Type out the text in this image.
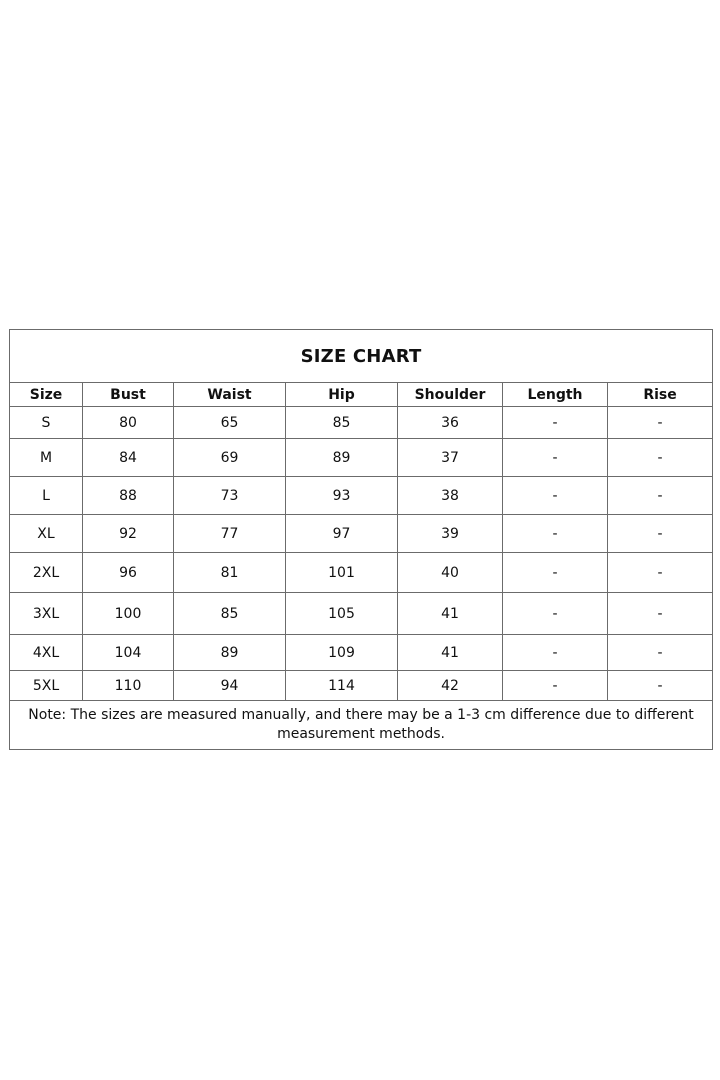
SIZE CHART						
Size	Bust	Waist	Hip	Shoulder	Length	Rise
S	80	65	85	36	-	-
M	84	69	89	37	-	-
L	88	73	93	38	-	-
XL	92	77	97	39	-	-
2XL	96	81	101	40	-	-
3XL	100	85	105	41	-	-
4XL	104	89	109	41	-	-
5XL	110	94	114	42	-	-
Note: The sizes are measured manually, and there may be a 1-3 cm difference due to different measurement methods.						
